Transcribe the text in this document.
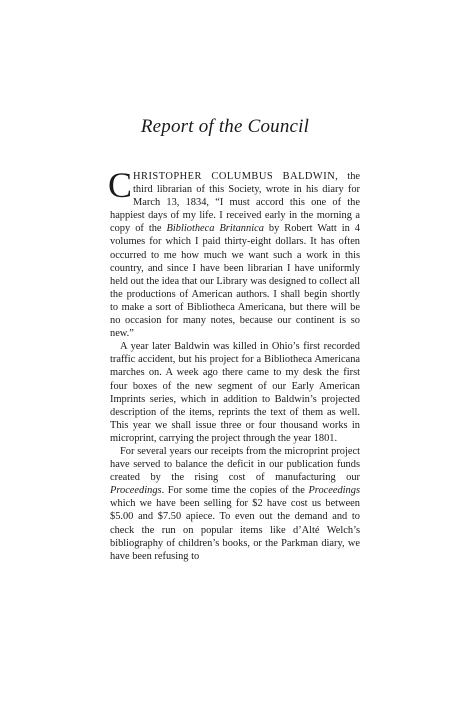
Report of the Council

CHRISTOPHER COLUMBUS BALDWIN, the third librarian of this Society, wrote in his diary for March 13, 1834, “I must accord this one of the happiest days of my life. I received early in the morning a copy of the Bibliotheca Britannica by Robert Watt in 4 volumes for which I paid thirty-eight dollars. It has often occurred to me how much we want such a work in this country, and since I have been librarian I have uniformly held out the idea that our Library was designed to collect all the productions of American authors. I shall begin shortly to make a sort of Bibliotheca Americana, but there will be no occasion for many notes, because our continent is so new.”

A year later Baldwin was killed in Ohio’s first recorded traffic accident, but his project for a Bibliotheca Americana marches on. A week ago there came to my desk the first four boxes of the new segment of our Early American Imprints series, which in addition to Baldwin’s projected description of the items, reprints the text of them as well. This year we shall issue three or four thousand works in microprint, carrying the project through the year 1801.

For several years our receipts from the microprint project have served to balance the deficit in our publication funds created by the rising cost of manufacturing our Proceedings. For some time the copies of the Proceedings which we have been selling for $2 have cost us between $5.00 and $7.50 apiece. To even out the demand and to check the run on popular items like d’Alté Welch’s bibliography of children’s books, or the Parkman diary, we have been refusing to
